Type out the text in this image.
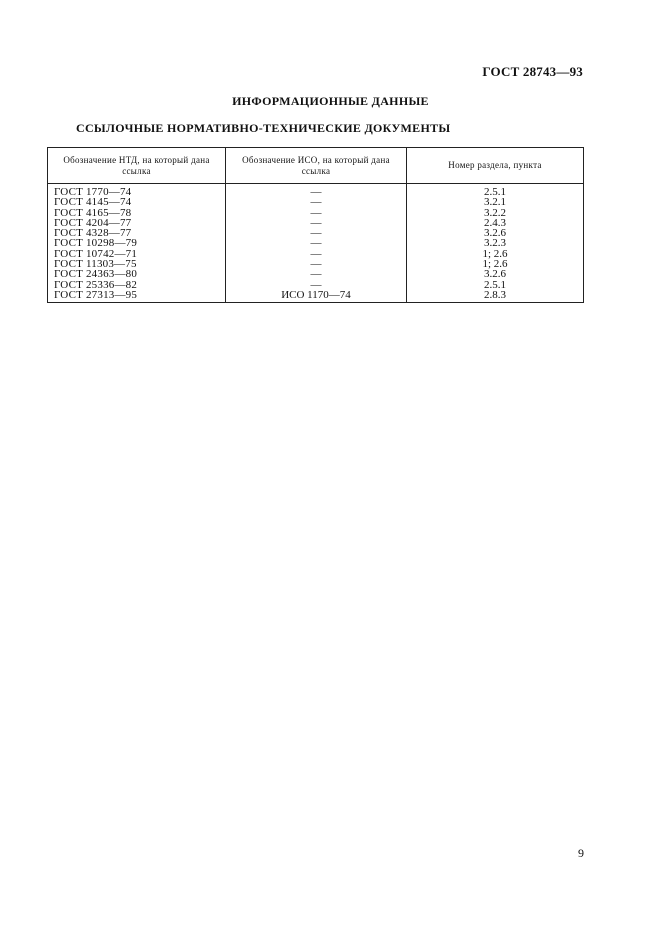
ГОСТ 28743—93
ИНФОРМАЦИОННЫЕ ДАННЫЕ
ССЫЛОЧНЫЕ НОРМАТИВНО-ТЕХНИЧЕСКИЕ ДОКУМЕНТЫ
Обозначение НТД, на который дана ссылка	Обозначение ИСО, на который дана ссылка	Номер раздела, пункта
ГОСТ 1770—74	—	2.5.1
ГОСТ 4145—74	—	3.2.1
ГОСТ 4165—78	—	3.2.2
ГОСТ 4204—77	—	2.4.3
ГОСТ 4328—77	—	3.2.6
ГОСТ 10298—79	—	3.2.3
ГОСТ 10742—71	—	1; 2.6
ГОСТ 11303—75	—	1; 2.6
ГОСТ 24363—80	—	3.2.6
ГОСТ 25336—82	—	2.5.1
ГОСТ 27313—95	ИСО 1170—74	2.8.3
9
